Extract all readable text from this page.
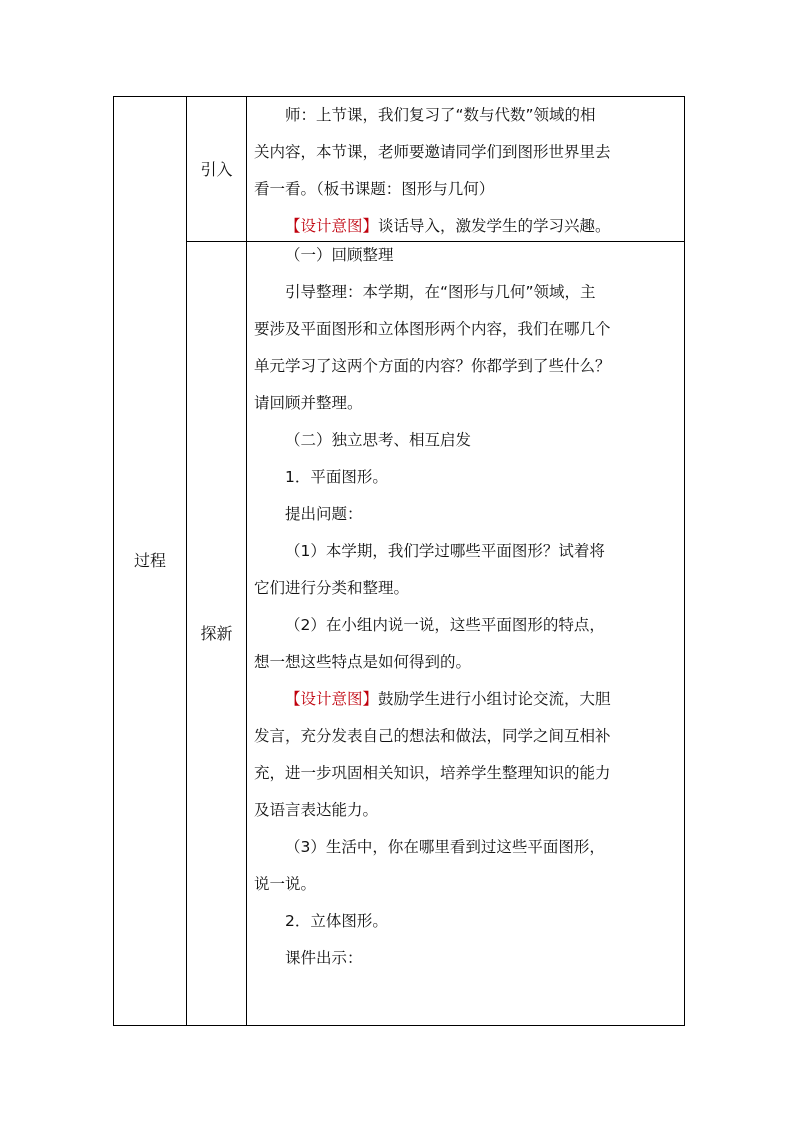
过程
引入
探新
师：上节课，我们复习了“数与代数”领域的相
关内容，本节课，老师要邀请同学们到图形世界里去
看一看。（板书课题：图形与几何）
【设计意图】谈话导入，激发学生的学习兴趣。
（一）回顾整理
引导整理：本学期，在“图形与几何”领域，主
要涉及平面图形和立体图形两个内容，我们在哪几个
单元学习了这两个方面的内容？你都学到了些什么？
请回顾并整理。
（二）独立思考、相互启发
1．平面图形。
提出问题：
（1）本学期，我们学过哪些平面图形？试着将
它们进行分类和整理。
（2）在小组内说一说，这些平面图形的特点，
想一想这些特点是如何得到的。
【设计意图】鼓励学生进行小组讨论交流，大胆
发言，充分发表自己的想法和做法，同学之间互相补
充，进一步巩固相关知识，培养学生整理知识的能力
及语言表达能力。
（3）生活中，你在哪里看到过这些平面图形，
说一说。
2．立体图形。
课件出示：
